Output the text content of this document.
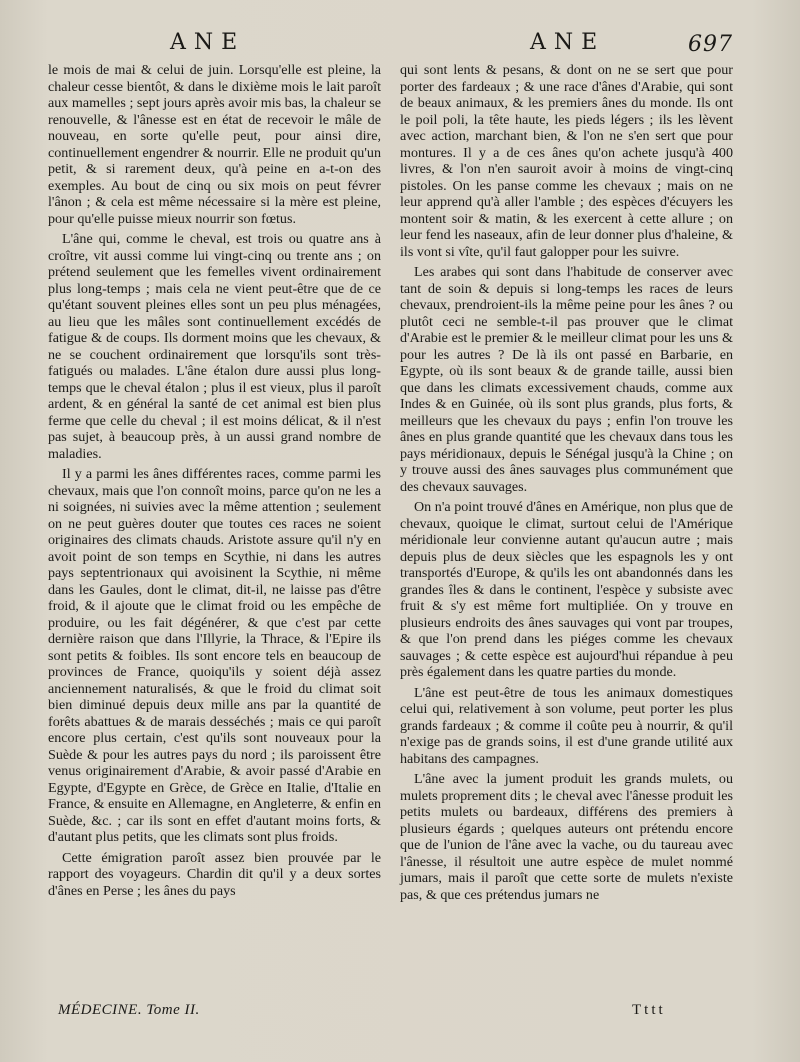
ANE	ANE	697

le mois de mai & celui de juin. Lorsqu'elle est pleine, la chaleur cesse bientôt, & dans le dixième mois le lait paroît aux mamelles ; sept jours après avoir mis bas, la chaleur se renouvelle, & l'ânesse est en état de recevoir le mâle de nouveau, en sorte qu'elle peut, pour ainsi dire, continuellement engendrer & nourrir. Elle ne produit qu'un petit, & si rarement deux, qu'à peine en a-t-on des exemples. Au bout de cinq ou six mois on peut févrer l'ânon ; & cela est même nécessaire si la mère est pleine, pour qu'elle puisse mieux nourrir son fœtus.

L'âne qui, comme le cheval, est trois ou quatre ans à croître, vit aussi comme lui vingt-cinq ou trente ans ; on prétend seulement que les femelles vivent ordinairement plus long-temps ; mais cela ne vient peut-être que de ce qu'étant souvent pleines elles sont un peu plus ménagées, au lieu que les mâles sont continuellement excédés de fatigue & de coups. Ils dorment moins que les chevaux, & ne se couchent ordinairement que lorsqu'ils sont très-fatigués ou malades. L'âne étalon dure aussi plus long-temps que le cheval étalon ; plus il est vieux, plus il paroît ardent, & en général la santé de cet animal est bien plus ferme que celle du cheval ; il est moins délicat, & il n'est pas sujet, à beaucoup près, à un aussi grand nombre de maladies.

Il y a parmi les ânes différentes races, comme parmi les chevaux, mais que l'on connoît moins, parce qu'on ne les a ni soignées, ni suivies avec la même attention ; seulement on ne peut guères douter que toutes ces races ne soient originaires des climats chauds. Aristote assure qu'il n'y en avoit point de son temps en Scythie, ni dans les autres pays septentrionaux qui avoisinent la Scythie, ni même dans les Gaules, dont le climat, dit-il, ne laisse pas d'être froid, & il ajoute que le climat froid ou les empêche de produire, ou les fait dégénérer, & que c'est par cette dernière raison que dans l'Illyrie, la Thrace, & l'Epire ils sont petits & foibles. Ils sont encore tels en beaucoup de provinces de France, quoiqu'ils y soient déjà assez anciennement naturalisés, & que le froid du climat soit bien diminué depuis deux mille ans par la quantité de forêts abattues & de marais desséchés ; mais ce qui paroît encore plus certain, c'est qu'ils sont nouveaux pour la Suède & pour les autres pays du nord ; ils paroissent être venus originairement d'Arabie, & avoir passé d'Arabie en Egypte, d'Egypte en Grèce, de Grèce en Italie, d'Italie en France, & ensuite en Allemagne, en Angleterre, & enfin en Suède, &c. ; car ils sont en effet d'autant moins forts, & d'autant plus petits, que les climats sont plus froids.

Cette émigration paroît assez bien prouvée par le rapport des voyageurs. Chardin dit qu'il y a deux sortes d'ânes en Perse ; les ânes du pays

qui sont lents & pesans, & dont on ne se sert que pour porter des fardeaux ; & une race d'ânes d'Arabie, qui sont de beaux animaux, & les premiers ânes du monde. Ils ont le poil poli, la tête haute, les pieds légers ; ils les lèvent avec action, marchant bien, & l'on ne s'en sert que pour montures. Il y a de ces ânes qu'on achete jusqu'à 400 livres, & l'on n'en sauroit avoir à moins de vingt-cinq pistoles. On les panse comme les chevaux ; mais on ne leur apprend qu'à aller l'amble ; des espèces d'écuyers les montent soir & matin, & les exercent à cette allure ; on leur fend les naseaux, afin de leur donner plus d'haleine, & ils vont si vîte, qu'il faut galopper pour les suivre.

Les arabes qui sont dans l'habitude de conserver avec tant de soin & depuis si long-temps les races de leurs chevaux, prendroient-ils la même peine pour les ânes ? ou plutôt ceci ne semble-t-il pas prouver que le climat d'Arabie est le premier & le meilleur climat pour les uns & pour les autres ? De là ils ont passé en Barbarie, en Egypte, où ils sont beaux & de grande taille, aussi bien que dans les climats excessivement chauds, comme aux Indes & en Guinée, où ils sont plus grands, plus forts, & meilleurs que les chevaux du pays ; enfin l'on trouve les ânes en plus grande quantité que les chevaux dans tous les pays méridionaux, depuis le Sénégal jusqu'à la Chine ; on y trouve aussi des ânes sauvages plus communément que des chevaux sauvages.

On n'a point trouvé d'ânes en Amérique, non plus que de chevaux, quoique le climat, surtout celui de l'Amérique méridionale leur convienne autant qu'aucun autre ; mais depuis plus de deux siècles que les espagnols les y ont transportés d'Europe, & qu'ils les ont abandonnés dans les grandes îles & dans le continent, l'espèce y subsiste avec fruit & s'y est même fort multipliée. On y trouve en plusieurs endroits des ânes sauvages qui vont par troupes, & que l'on prend dans les piéges comme les chevaux sauvages ; & cette espèce est aujourd'hui répandue à peu près également dans les quatre parties du monde.

L'âne est peut-être de tous les animaux domestiques celui qui, relativement à son volume, peut porter les plus grands fardeaux ; & comme il coûte peu à nourrir, & qu'il n'exige pas de grands soins, il est d'une grande utilité aux habitans des campagnes.

L'âne avec la jument produit les grands mulets, ou mulets proprement dits ; le cheval avec l'ânesse produit les petits mulets ou bardeaux, différens des premiers à plusieurs égards ; quelques auteurs ont prétendu encore que de l'union de l'âne avec la vache, ou du taureau avec l'ânesse, il résultoit une autre espèce de mulet nommé jumars, mais il paroît que cette sorte de mulets n'existe pas, & que ces prétendus jumars ne

MÉDECINE. Tome II.	Tttt
